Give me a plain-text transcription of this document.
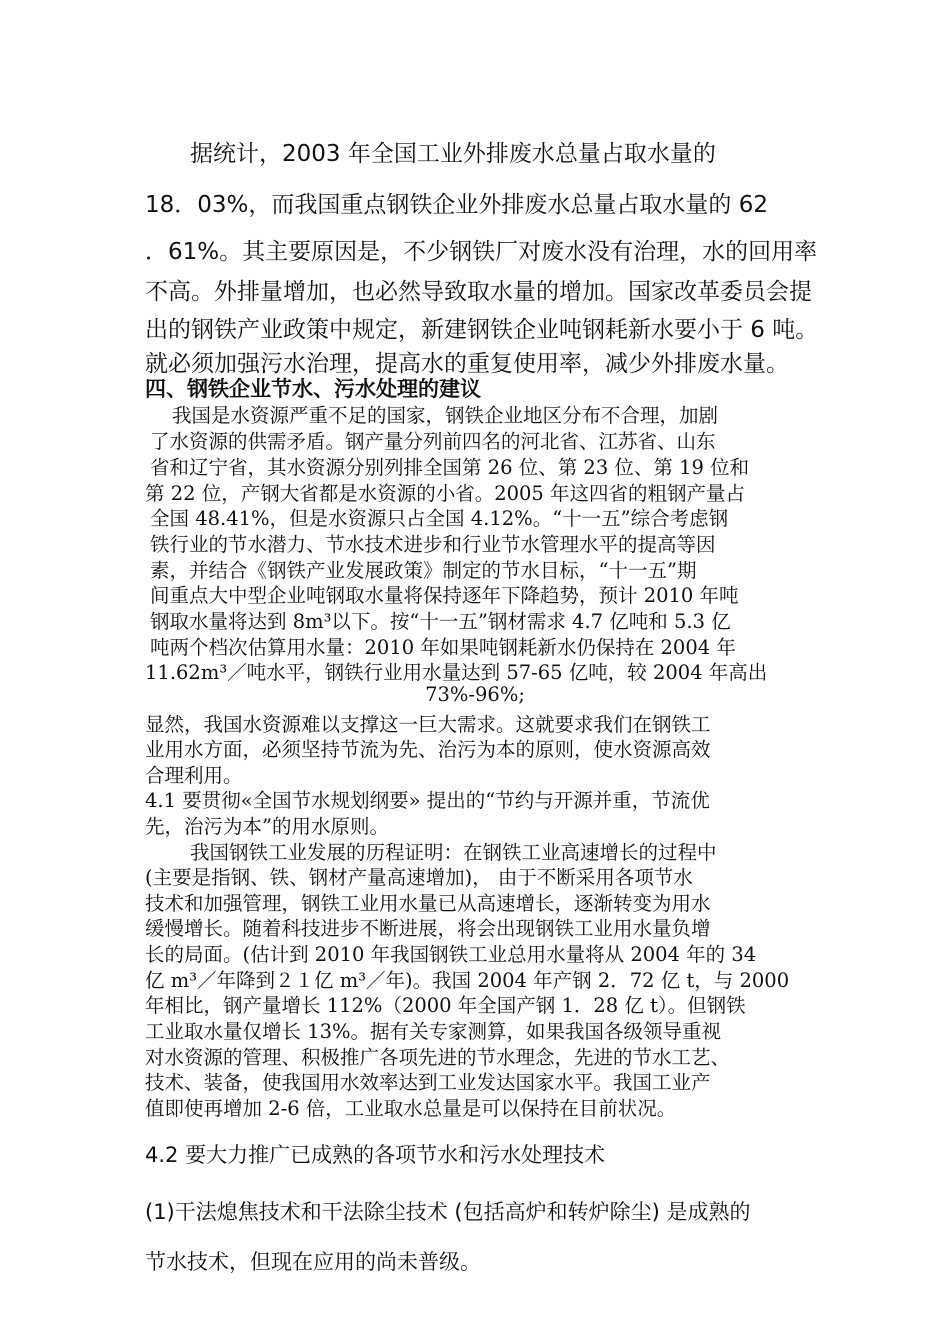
据统计，2003 年全国工业外排废水总量占取水量的

18．03%，而我国重点钢铁企业外排废水总量占取水量的 62

．61%。其主要原因是，不少钢铁厂对废水没有治理，水的回用率

不高。外排量增加，也必然导致取水量的增加。国家改革委员会提

出的钢铁产业政策中规定，新建钢铁企业吨钢耗新水要小于 6 吨。

就必须加强污水治理，提高水的重复使用率，减少外排废水量。

四、钢铁企业节水、污水处理的建议

我国是水资源严重不足的国家，钢铁企业地区分布不合理，加剧

了水资源的供需矛盾。钢产量分列前四名的河北省、江苏省、山东

省和辽宁省，其水资源分别列排全国第 26 位、第 23 位、第 19 位和

第 22 位，产钢大省都是水资源的小省。2005 年这四省的粗钢产量占

全国 48.41%，但是水资源只占全国 4.12%。“十一五”综合考虑钢

铁行业的节水潜力、节水技术进步和行业节水管理水平的提高等因

素，并结合《钢铁产业发展政策》制定的节水目标，“十一五”期

间重点大中型企业吨钢取水量将保持逐年下降趋势，预计 2010 年吨

钢取水量将达到 8m³以下。按“十一五”钢材需求 4.7 亿吨和 5.3 亿

吨两个档次估算用水量：2010 年如果吨钢耗新水仍保持在 2004 年

11.62m³／吨水平，钢铁行业用水量达到 57-65 亿吨，较 2004 年高出

73%-96%;

显然，我国水资源难以支撑这一巨大需求。这就要求我们在钢铁工

业用水方面，必须坚持节流为先、治污为本的原则，使水资源高效

合理利用。

4.1 要贯彻«全国节水规划纲要» 提出的“节约与开源并重，节流优

先，治污为本”的用水原则。

我国钢铁工业发展的历程证明：在钢铁工业高速增长的过程中

(主要是指钢、铁、钢材产量高速增加)， 由于不断采用各项节水

技术和加强管理，钢铁工业用水量已从高速增长，逐渐转变为用水

缓慢增长。随着科技进步不断进展，将会出现钢铁工业用水量负增

长的局面。(估计到 2010 年我国钢铁工业总用水量将从 2004 年的 34

亿 m³／年降到２１亿 m³／年)。我国 2004 年产钢 2．72 亿 t，与 2000

年相比，钢产量增长 112%（2000 年全国产钢 1．28 亿 t）。但钢铁

工业取水量仅增长 13%。据有关专家测算，如果我国各级领导重视

对水资源的管理、积极推广各项先进的节水理念，先进的节水工艺、

技术、装备，使我国用水效率达到工业发达国家水平。我国工业产

值即使再增加 2-6 倍，工业取水总量是可以保持在目前状况。

4.2 要大力推广已成熟的各项节水和污水处理技术

(1)干法熄焦技术和干法除尘技术 (包括高炉和转炉除尘) 是成熟的

节水技术，但现在应用的尚未普级。
